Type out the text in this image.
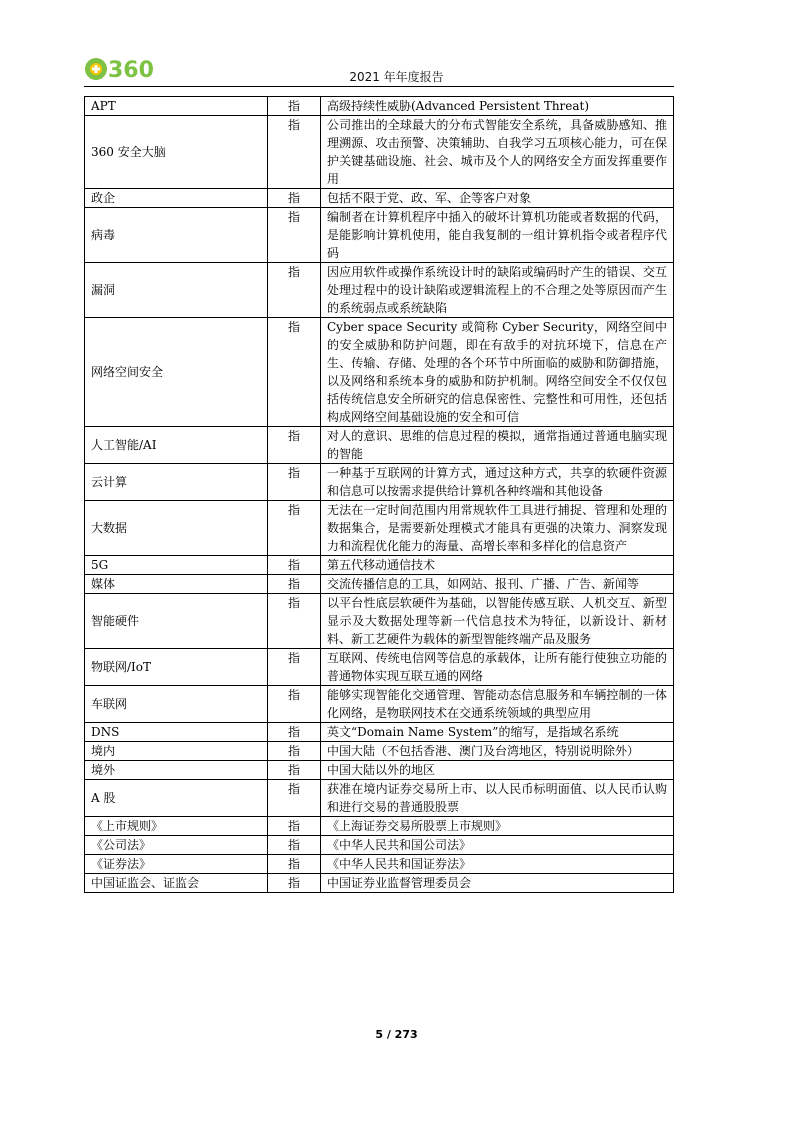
360	2021 年年度报告
APT	指	高级持续性威胁(Advanced Persistent Threat)
360 安全大脑	指	公司推出的全球最大的分布式智能安全系统，具备威胁感知、推理溯源、攻击预警、决策辅助、自我学习五项核心能力，可在保护关键基础设施、社会、城市及个人的网络安全方面发挥重要作用
政企	指	包括不限于党、政、军、企等客户对象
病毒	指	编制者在计算机程序中插入的破坏计算机功能或者数据的代码，是能影响计算机使用，能自我复制的一组计算机指令或者程序代码
漏洞	指	因应用软件或操作系统设计时的缺陷或编码时产生的错误、交互处理过程中的设计缺陷或逻辑流程上的不合理之处等原因而产生的系统弱点或系统缺陷
网络空间安全	指	Cyber space Security 或简称 Cyber Security，网络空间中的安全威胁和防护问题，即在有敌手的对抗环境下，信息在产生、传输、存储、处理的各个环节中所面临的威胁和防御措施，以及网络和系统本身的威胁和防护机制。网络空间安全不仅仅包括传统信息安全所研究的信息保密性、完整性和可用性，还包括构成网络空间基础设施的安全和可信
人工智能/AI	指	对人的意识、思维的信息过程的模拟，通常指通过普通电脑实现的智能
云计算	指	一种基于互联网的计算方式，通过这种方式，共享的软硬件资源和信息可以按需求提供给计算机各种终端和其他设备
大数据	指	无法在一定时间范围内用常规软件工具进行捕捉、管理和处理的数据集合，是需要新处理模式才能具有更强的决策力、洞察发现力和流程优化能力的海量、高增长率和多样化的信息资产
5G	指	第五代移动通信技术
媒体	指	交流传播信息的工具，如网站、报刊、广播、广告、新闻等
智能硬件	指	以平台性底层软硬件为基础，以智能传感互联、人机交互、新型显示及大数据处理等新一代信息技术为特征，以新设计、新材料、新工艺硬件为载体的新型智能终端产品及服务
物联网/IoT	指	互联网、传统电信网等信息的承载体，让所有能行使独立功能的普通物体实现互联互通的网络
车联网	指	能够实现智能化交通管理、智能动态信息服务和车辆控制的一体化网络，是物联网技术在交通系统领域的典型应用
DNS	指	英文“Domain Name System”的缩写，是指域名系统
境内	指	中国大陆（不包括香港、澳门及台湾地区，特别说明除外）
境外	指	中国大陆以外的地区
A 股	指	获准在境内证券交易所上市、以人民币标明面值、以人民币认购和进行交易的普通股股票
《上市规则》	指	《上海证券交易所股票上市规则》
《公司法》	指	《中华人民共和国公司法》
《证券法》	指	《中华人民共和国证券法》
中国证监会、证监会	指	中国证券业监督管理委员会
5 / 273
